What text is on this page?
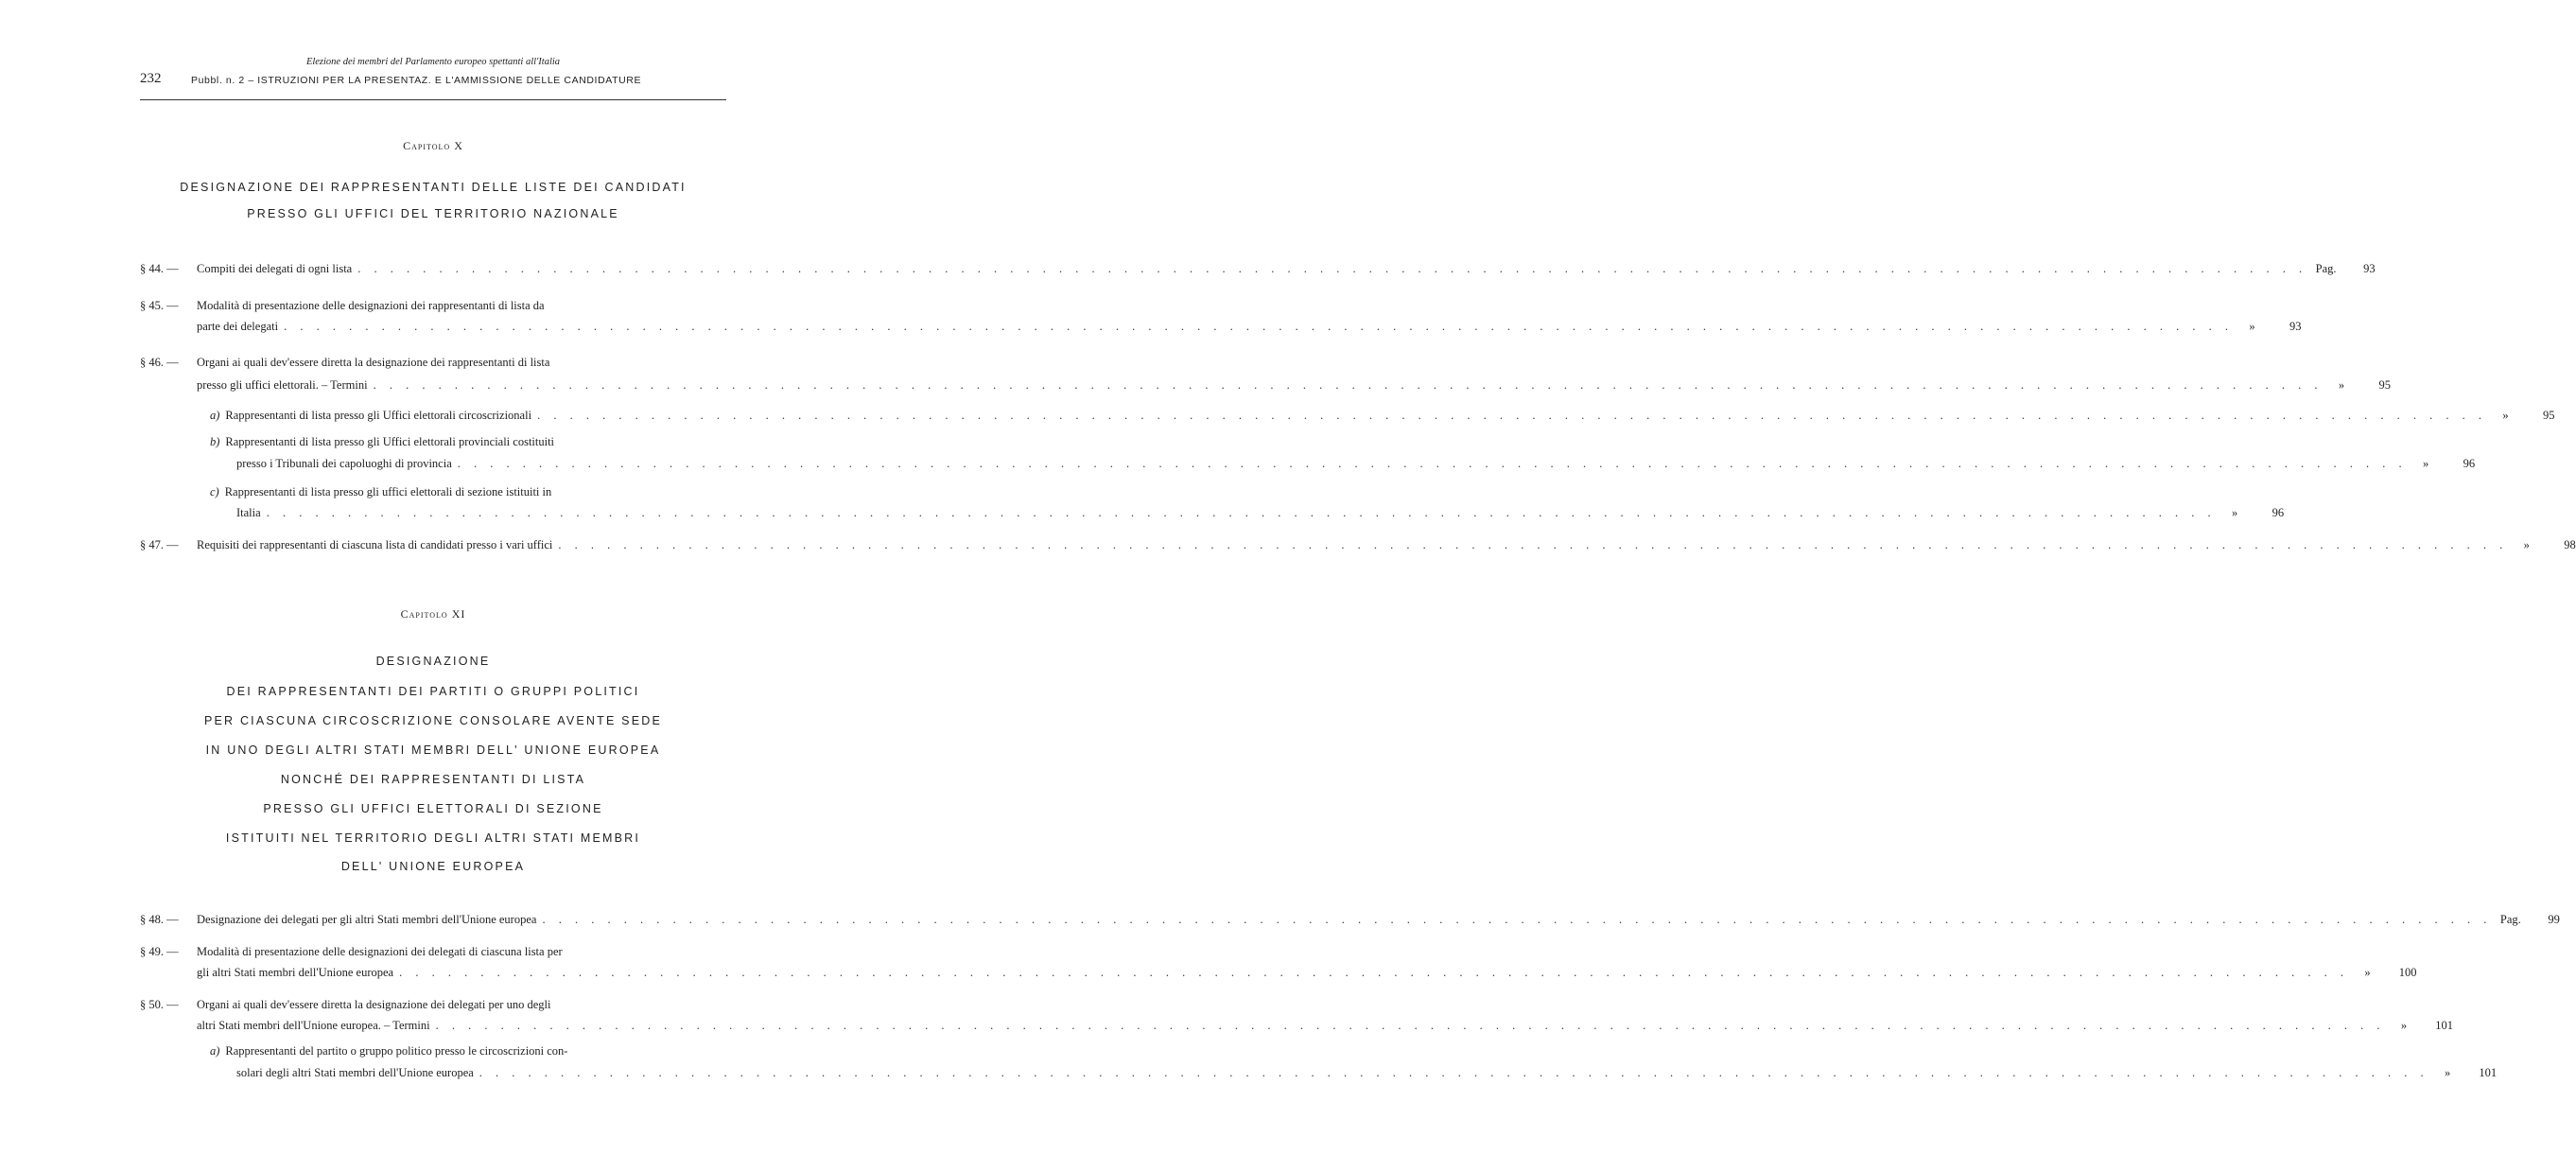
Elezione dei membri del Parlamento europeo spettanti all'Italia
232	Pubbl. n. 2 – ISTRUZIONI PER LA PRESENTAZ. E L'AMMISSIONE DELLE CANDIDATURE
Capitolo X
DESIGNAZIONE DEI RAPPRESENTANTI DELLE LISTE DEI CANDIDATI
PRESSO GLI UFFICI DEL TERRITORIO NAZIONALE
§ 44. —	Compiti dei delegati di ogni lista . . . . . . . . . . . . . . . . . . . . . . . . . . . . . . . . . . . . . . . . . . . . . . . . . . . . . . . . . . . . . . . . . . . . . . . . . . . . . . . . . . . . . . . . . . . . . . . . . . . . . . . . . . . . . . . . . . . . . . . . Pag.	93
§ 45. —	Modalità di presentazione delle designazioni dei rappresentanti di lista da
parte dei delegati . . . . . . . . . . . . . . . . . . . . . . . . . . . . . . . . . . . . . . . . . . . . . . . . . . . . . . . . . . . . . . . . . . . . . . . . . . . . . . . . . . . . . . . . . . . . . . . . . . . . . . . . . . . . . . . . . . . . . . . .	»	93
§ 46. —	Organi ai quali dev'essere diretta la designazione dei rappresentanti di lista
presso gli uffici elettorali. – Termini . . . . . . . . . . . . . . . . . . . . . . . . . . . . . . . . . . . . . . . . . . . . . . . . . . . . . . . . . . . . . . . . . . . . . . . . . . . . . . . . . . . . . . . . . . . . . . . . . . . . . . . . . . . . . . . . . . . . . . . .	»	95
a) Rappresentanti di lista presso gli Uffici elettorali circoscrizionali . . . . . . . . . . . . . . . . . . . . . . . . . . . . . . . . . . . . . . . . . . . . . . . . . . . . . . . . . . . . . . . . . . . . . . . . . . . . . . . . . . . . . . . . . . . . . . . . . . . . . . . . . . . . . . . . . . . . . . . .	»	95
b) Rappresentanti di lista presso gli Uffici elettorali provinciali costituiti
presso i Tribunali dei capoluoghi di provincia . . . . . . . . . . . . . . . . . . . . . . . . . . . . . . . . . . . . . . . . . . . . . . . . . . . . . . . . . . . . . . . . . . . . . . . . . . . . . . . . . . . . . . . . . . . . . . . . . . . . . . . . . . . . . . . . . . . . . . . .	»	96
c) Rappresentanti di lista presso gli uffici elettorali di sezione istituiti in
Italia . . . . . . . . . . . . . . . . . . . . . . . . . . . . . . . . . . . . . . . . . . . . . . . . . . . . . . . . . . . . . . . . . . . . . . . . . . . . . . . . . . . . . . . . . . . . . . . . . . . . . . . . . . . . . . . . . . . . . . . .	»	96
§ 47. —	Requisiti dei rappresentanti di ciascuna lista di candidati presso i vari uffici . . . . . . . . . . . . . . . . . . . . . . . . . . . . . . . . . . . . . . . . . . . . . . . . . . . . . . . . . . . . . . . . . . . . . . . . . . . . . . . . . . . . . . . . . . . . . . . . . . . . . . . . . . . . . . . . . . . . . . . .	»	98
Capitolo XI
DESIGNAZIONE
DEI RAPPRESENTANTI DEI PARTITI O GRUPPI POLITICI
PER CIASCUNA CIRCOSCRIZIONE CONSOLARE AVENTE SEDE
IN UNO DEGLI ALTRI STATI MEMBRI DELL' UNIONE EUROPEA
NONCHÉ DEI RAPPRESENTANTI DI LISTA
PRESSO GLI UFFICI ELETTORALI DI SEZIONE
ISTITUITI NEL TERRITORIO DEGLI ALTRI STATI MEMBRI
DELL' UNIONE EUROPEA
§ 48. —	Designazione dei delegati per gli altri Stati membri dell'Unione europea . . . . . . . . . . . . . . . . . . . . . . . . . . . . . . . . . . . . . . . . . . . . . . . . . . . . . . . . . . . . . . . . . . . . . . . . . . . . . . . . . . . . . . . . . . . . . . . . . . . . . . . . . . . . . . . . . . . . . . . . Pag.	99
§ 49. —	Modalità di presentazione delle designazioni dei delegati di ciascuna lista per
gli altri Stati membri dell'Unione europea . . . . . . . . . . . . . . . . . . . . . . . . . . . . . . . . . . . . . . . . . . . . . . . . . . . . . . . . . . . . . . . . . . . . . . . . . . . . . . . . . . . . . . . . . . . . . . . . . . . . . . . . . . . . . . . . . . . . . . . .	»	100
§ 50. —	Organi ai quali dev'essere diretta la designazione dei delegati per uno degli
altri Stati membri dell'Unione europea. – Termini . . . . . . . . . . . . . . . . . . . . . . . . . . . . . . . . . . . . . . . . . . . . . . . . . . . . . . . . . . . . . . . . . . . . . . . . . . . . . . . . . . . . . . . . . . . . . . . . . . . . . . . . . . . . . . . . . . . . . . . .	»	101
a) Rappresentanti del partito o gruppo politico presso le circoscrizioni con-
solari degli altri Stati membri dell'Unione europea . . . . . . . . . . . . . . . . . . . . . . . . . . . . . . . . . . . . . . . . . . . . . . . . . . . . . . . . . . . . . . . . . . . . . . . . . . . . . . . . . . . . . . . . . . . . . . . . . . . . . . . . . . . . . . . . . . . . . . . .	»	101
